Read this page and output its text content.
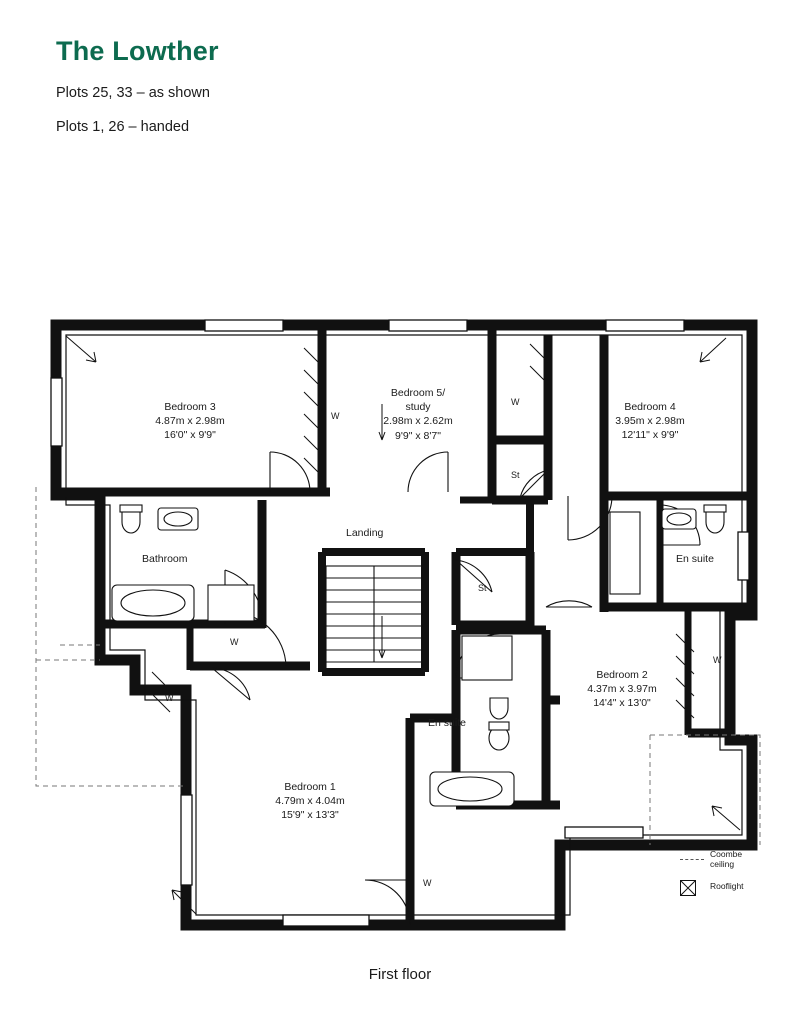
The Lowther
Plots 25, 33 – as shown
Plots 1, 26 – handed
Bedroom 3
4.87m x 2.98m
16'0" x 9'9"
Bedroom 5/
study
2.98m x 2.62m
9'9" x 8'7"
Bedroom 4
3.95m x 2.98m
12'11" x 9'9"
Bedroom 2
4.37m x 3.97m
14'4" x 13'0"
Bedroom 1
4.79m x 4.04m
15'9" x 13'3"
Landing
Bathroom	En suite
En suite
St
St
W
W
W
W
W
W
Coombe
ceiling
Rooflight
First floor
